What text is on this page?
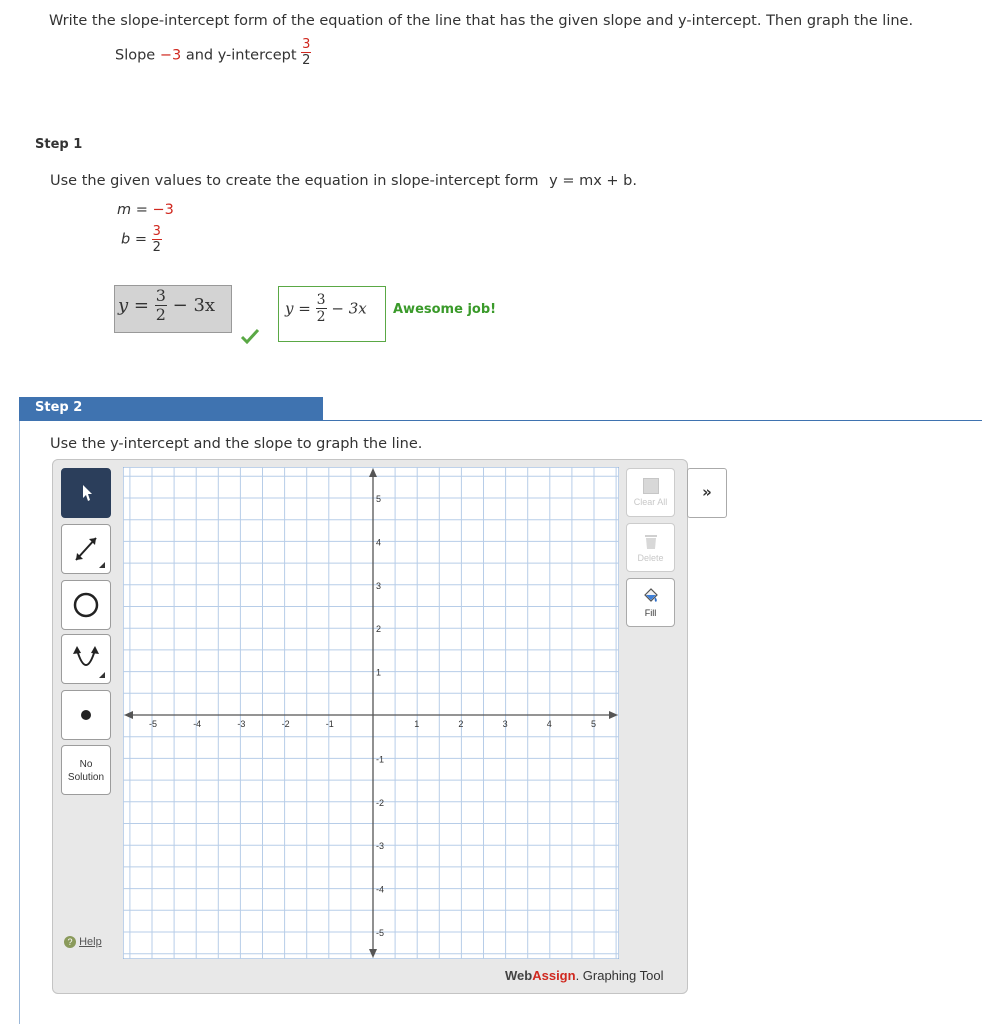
Write the slope-intercept form of the equation of the line that has the given slope and y-intercept. Then graph the line.
Slope −3 and y-intercept $\frac{3}{2}$
Step 1
Use the given values to create the equation in slope-intercept form y = mx + b.
m = −3
$b = \frac{3}{2}$
$y = \frac{3}{2} - 3x$	$y = \frac{3}{2} - 3x$	Awesome job!
Step 2
Use the y-intercept and the slope to graph the line.
No
Solution
? Help
-5	-4	-3	-2	-1	1	2	3	4	5
5
4
3
2
1
-1
-2
-3
-4
-5
Clear All
Delete
Fill
»
WebAssign. Graphing Tool
